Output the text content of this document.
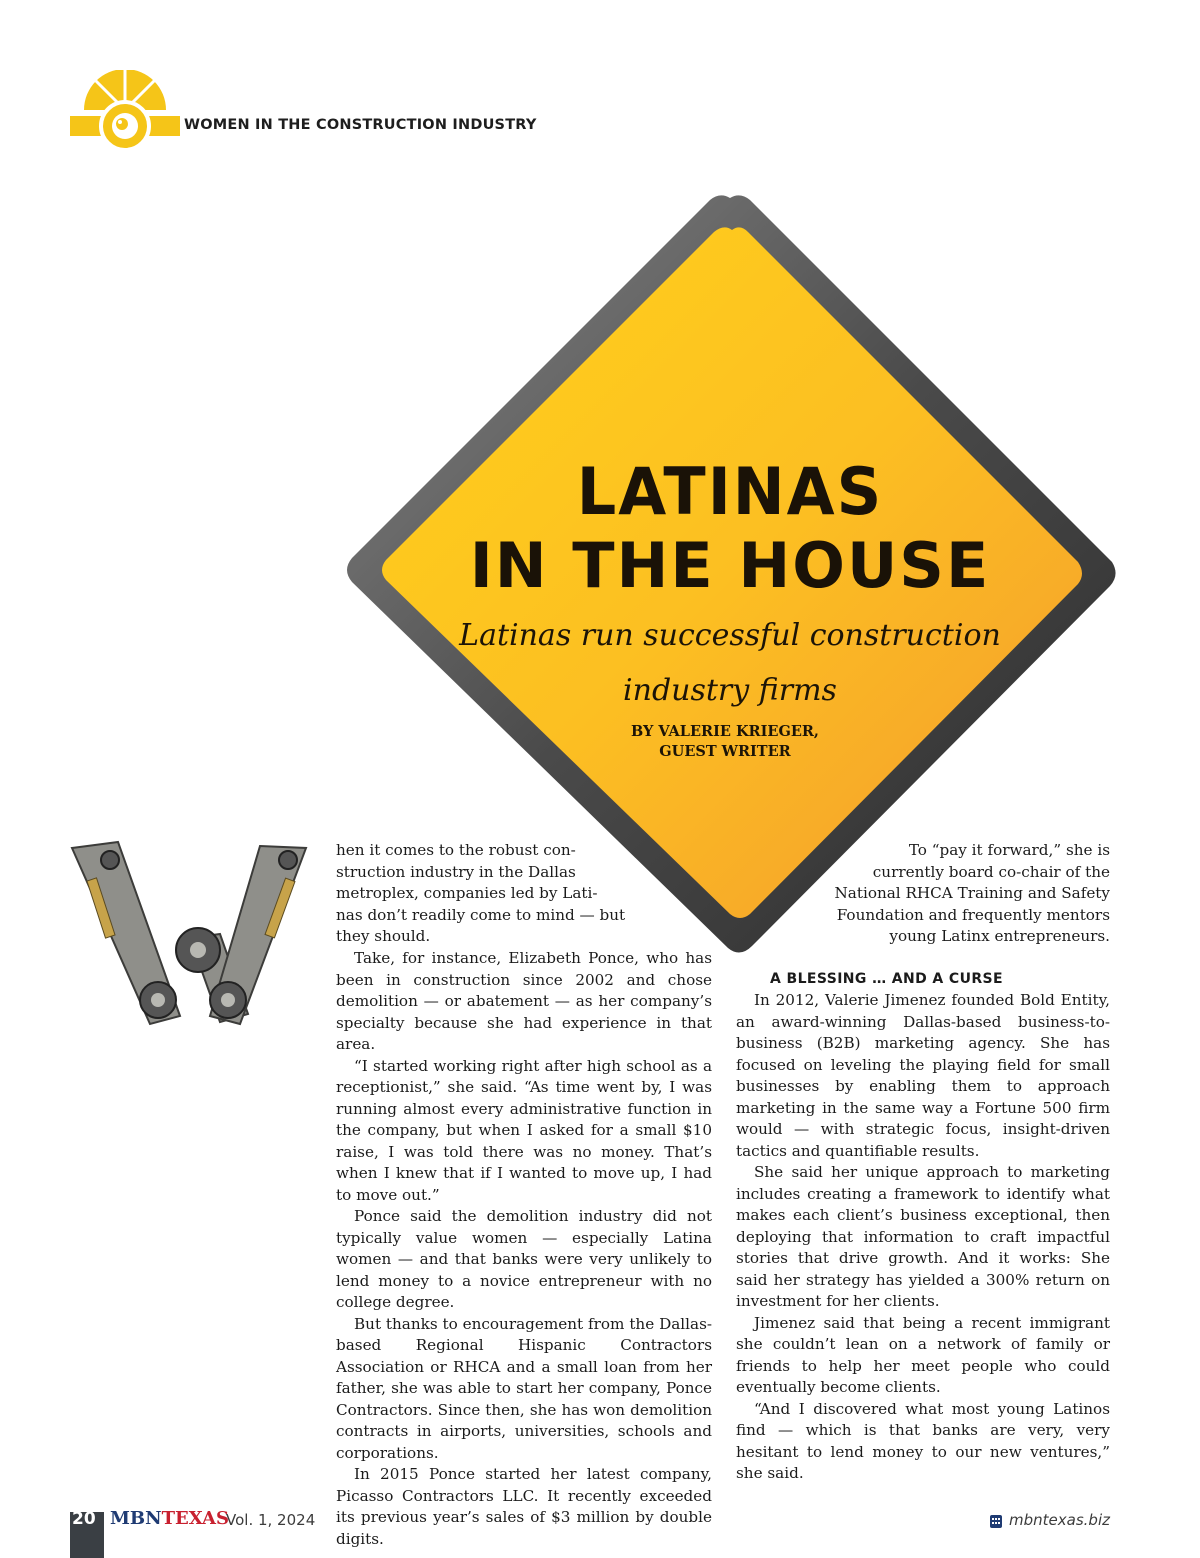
WOMEN IN THE CONSTRUCTION INDUSTRY
LATINAS
IN THE HOUSE
Latinas run successful construction
industry firms
BY VALERIE KRIEGER,
GUEST WRITER
hen it comes to the robust con-
struction industry in the Dallas
metroplex, companies led by Lati-
nas don’t readily come to mind — but
they should.

Take, for instance, Elizabeth Ponce, who has been in construction since 2002 and chose demolition — or abatement — as her company’s specialty because she had experience in that area.

“I started working right after high school as a receptionist,” she said. “As time went by, I was running almost every administrative function in the company, but when I asked for a small $10 raise, I was told there was no money. That’s when I knew that if I wanted to move up, I had to move out.”

Ponce said the demolition industry did not typically value women — especially Latina women — and that banks were very unlikely to lend money to a novice entrepreneur with no college degree.

But thanks to encouragement from the Dallas-based Regional Hispanic Contractors Association or RHCA and a small loan from her father, she was able to start her company, Ponce Contractors. Since then, she has won demolition contracts in airports, universities, schools and corporations.

In 2015 Ponce started her latest company, Picasso Contractors LLC. It recently exceeded its previous year’s sales of $3 million by double digits.

To “pay it forward,” she is
currently board co-chair of the
National RHCA Training and Safety
Foundation and frequently mentors
young Latinx entrepreneurs.
A BLESSING … AND A CURSE

In 2012, Valerie Jimenez founded Bold Entity, an award-winning Dallas-based business-to-business (B2B) marketing agency. She has focused on leveling the playing field for small businesses by enabling them to approach marketing in the same way a Fortune 500 firm would — with strategic focus, insight-driven tactics and quantifiable results.

She said her unique approach to marketing includes creating a framework to identify what makes each client’s business exceptional, then deploying that information to craft impactful stories that drive growth. And it works: She said her strategy has yielded a 300% return on investment for her clients.

Jimenez said that being a recent immigrant she couldn’t lean on a network of family or friends to help her meet people who could eventually become clients.

“And I discovered what most young Latinos find — which is that banks are very, very hesitant to lend money to our new ventures,” she said.

20 MBNTEXAS
Vol. 1, 2024	mbntexas.biz
